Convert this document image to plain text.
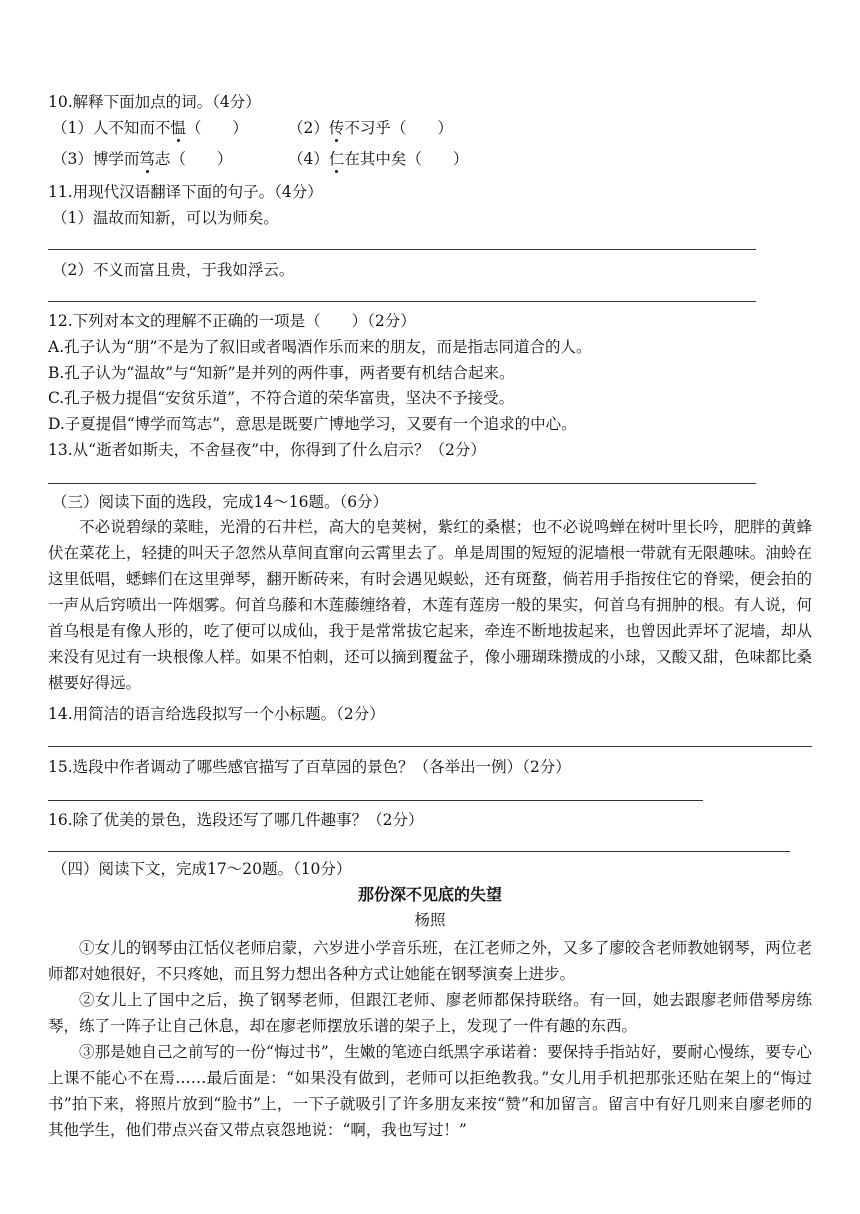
10.解释下面加点的词。（4分）
（1）人不知而不愠（　　）	（2）传不习乎（　　）
（3）博学而笃志（　　）	（4）仁在其中矣（　　）
11.用现代汉语翻译下面的句子。（4分）
（1）温故而知新，可以为师矣。
（2）不义而富且贵，于我如浮云。
12.下列对本文的理解不正确的一项是（　　）（2分）
A.孔子认为“朋”不是为了叙旧或者喝酒作乐而来的朋友，而是指志同道合的人。
B.孔子认为“温故”与“知新”是并列的两件事，两者要有机结合起来。
C.孔子极力提倡“安贫乐道”，不符合道的荣华富贵，坚决不予接受。
D.子夏提倡“博学而笃志”，意思是既要广博地学习，又要有一个追求的中心。
13.从“逝者如斯夫，不舍昼夜”中，你得到了什么启示？（2分）
（三）阅读下面的选段，完成14～16题。（6分）

不必说碧绿的菜畦，光滑的石井栏，高大的皂荚树，紫红的桑椹；也不必说鸣蝉在树叶里长吟，肥胖的黄蜂伏在菜花上，轻捷的叫天子忽然从草间直窜向云霄里去了。单是周围的短短的泥墙根一带就有无限趣味。油蛉在这里低唱，蟋蟀们在这里弹琴，翻开断砖来，有时会遇见蜈蚣，还有斑蝥，倘若用手指按住它的脊梁，便会拍的一声从后窍喷出一阵烟雾。何首乌藤和木莲藤缠络着，木莲有莲房一般的果实，何首乌有拥肿的根。有人说，何首乌根是有像人形的，吃了便可以成仙，我于是常常拔它起来，牵连不断地拔起来，也曾因此弄坏了泥墙，却从来没有见过有一块根像人样。如果不怕刺，还可以摘到覆盆子，像小珊瑚珠攒成的小球，又酸又甜，色味都比桑椹要好得远。

14.用简洁的语言给选段拟写一个小标题。（2分）
15.选段中作者调动了哪些感官描写了百草园的景色？（各举出一例）（2分）
16.除了优美的景色，选段还写了哪几件趣事？（2分）
（四）阅读下文，完成17～20题。（10分）
那份深不见底的失望
杨照

①女儿的钢琴由江恬仪老师启蒙，六岁进小学音乐班，在江老师之外，又多了廖皎含老师教她钢琴，两位老师都对她很好，不只疼她，而且努力想出各种方式让她能在钢琴演奏上进步。

②女儿上了国中之后，换了钢琴老师，但跟江老师、廖老师都保持联络。有一回，她去跟廖老师借琴房练琴，练了一阵子让自己休息，却在廖老师摆放乐谱的架子上，发现了一件有趣的东西。

③那是她自己之前写的一份“悔过书”，生嫩的笔迹白纸黑字承诺着：要保持手指站好，要耐心慢练，要专心上课不能心不在焉……最后面是：“如果没有做到，老师可以拒绝教我。”女儿用手机把那张还贴在架上的“悔过书”拍下来，将照片放到“脸书”上，一下子就吸引了许多朋友来按“赞”和加留言。留言中有好几则来自廖老师的其他学生，他们带点兴奋又带点哀怨地说：“啊，我也写过！”
